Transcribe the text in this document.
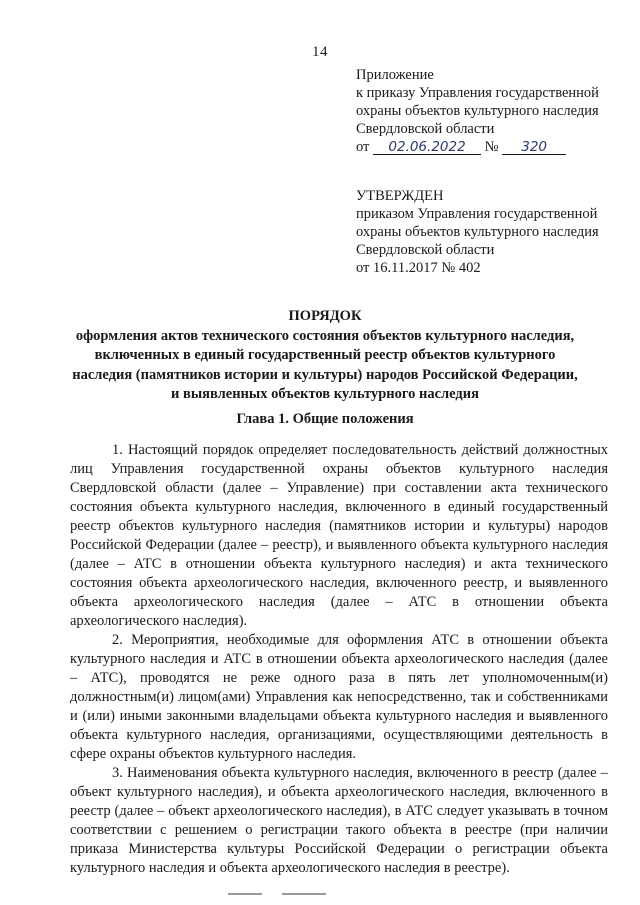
14
Приложение
к приказу Управления государственной
охраны объектов культурного наследия
Свердловской области
от 02.06.2022 № 320
УТВЕРЖДЕН
приказом Управления государственной
охраны объектов культурного наследия
Свердловской области
от 16.11.2017 № 402
ПОРЯДОК
оформления актов технического состояния объектов культурного наследия,
включенных в единый государственный реестр объектов культурного
наследия (памятников истории и культуры) народов Российской Федерации,
и выявленных объектов культурного наследия
Глава 1. Общие положения

1. Настоящий порядок определяет последовательность действий должностных лиц Управления государственной охраны объектов культурного наследия Свердловской области (далее – Управление) при составлении акта технического состояния объекта культурного наследия, включенного в единый государственный реестр объектов культурного наследия (памятников истории и культуры) народов Российской Федерации (далее – реестр), и выявленного объекта культурного наследия (далее – АТС в отношении объекта культурного наследия) и акта технического состояния объекта археологического наследия, включенного реестр, и выявленного объекта археологического наследия (далее – АТС в отношении объекта археологического наследия).

2. Мероприятия, необходимые для оформления АТС в отношении объекта культурного наследия и АТС в отношении объекта археологического наследия (далее – АТС), проводятся не реже одного раза в пять лет уполномоченным(и) должностным(и) лицом(ами) Управления как непосредственно, так и собственниками и (или) иными законными владельцами объекта культурного наследия и выявленного объекта культурного наследия, организациями, осуществляющими деятельность в сфере охраны объектов культурного наследия.

3. Наименования объекта культурного наследия, включенного в реестр (далее – объект культурного наследия), и объекта археологического наследия, включенного в реестр (далее – объект археологического наследия), в АТС следует указывать в точном соответствии с решением о регистрации такого объекта в реестре (при наличии приказа Министерства культуры Российской Федерации о регистрации объекта культурного наследия и объекта археологического наследия в реестре).
